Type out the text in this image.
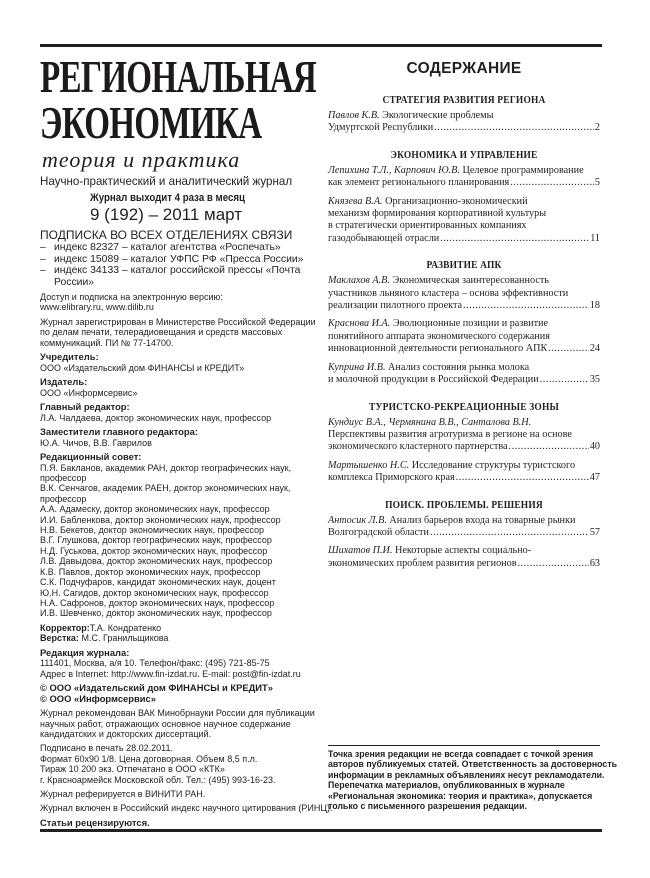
РЕГИОНАЛЬНАЯ
ЭКОНОМИКА
теория и практика
Научно-практический и аналитический журнал
Журнал выходит 4 раза в месяц
9 (192) – 2011 март
ПОДПИСКА ВО ВСЕХ ОТДЕЛЕНИЯХ СВЯЗИ
– индекс 82327 – каталог агентства «Роспечать»
– индекс 15089 – каталог УФПС РФ «Пресса России»
– индекс 34133 – каталог российской прессы «Почта России»
Доступ и подписка на электронную версию:
www.elibrary.ru, www.dilib.ru
Журнал зарегистрирован в Министерстве Российской Федерации по делам печати, телерадиовещания и средств массовых коммуникаций. ПИ № 77-14700.
Учредитель:
ООО «Издательский дом ФИНАНСЫ и КРЕДИТ»
Издатель:
ООО «Информсервис»
Главный редактор:
Л.А. Чалдаева, доктор экономических наук, профессор
Заместители главного редактора:
Ю.А. Чичов, В.В. Гаврилов
Редакционный совет:
П.Я. Бакланов, академик РАН, доктор географических наук, профессор
В.К. Сенчагов, академик РАЕН, доктор экономических наук, профессор
А.А. Адамеску, доктор экономических наук, профессор
И.И. Бабленкова, доктор экономических наук, профессор
Н.В. Бекетов, доктор экономических наук, профессор
В.Г. Глушкова, доктор географических наук, профессор
Н.Д. Гуськова, доктор экономических наук, профессор
Л.В. Давыдова, доктор экономических наук, профессор
К.В. Павлов, доктор экономических наук, профессор
С.К. Подчуфаров, кандидат экономических наук, доцент
Ю.Н. Сагидов, доктор экономических наук, профессор
Н.А. Сафронов, доктор экономических наук, профессор
И.В. Шевченко, доктор экономических наук, профессор
Корректор:Т.А. Кондратенко
Верстка: М.С. Гранильщикова
Редакция журнала:
111401, Москва, а/я 10. Телефон/факс: (495) 721-85-75
Адрес в Internet: http://www.fin-izdat.ru. E-mail: post@fin-izdat.ru
© ООО «Издательский дом ФИНАНСЫ и КРЕДИТ»
© ООО «Информсервис»
Журнал рекомендован ВАК Минобрнауки России для публикации научных работ, отражающих основное научное содержание кандидатских и докторских диссертаций.
Подписано в печать 28.02.2011.
Формат 60х90 1/8. Цена договорная. Объем 8,5 п.л.
Тираж 10 200 экз. Отпечатано в ООО «КТК»
г. Красноармейск Московской обл. Тел.: (495) 993-16-23.
Журнал реферируется в ВИНИТИ РАН.
Журнал включен в Российский индекс научного цитирования (РИНЦ).
Статьи рецензируются.
СОДЕРЖАНИЕ
СТРАТЕГИЯ РАЗВИТИЯ РЕГИОНА
Павлов К.В. Экологические проблемы
Удмуртской Республики .....	2
ЭКОНОМИКА И УПРАВЛЕНИЕ
Лепихина Т.Л., Карпович Ю.В. Целевое программирование
как элемент регионального планирования .....	5
Князева В.А. Организационно-экономический
механизм формирования корпоративной культуры
в стратегически ориентированных компаниях
газодобывающей отрасли .....	11
РАЗВИТИЕ АПК
Маклахов А.В. Экономическая заинтересованность
участников льняного кластера – основа эффективности
реализации пилотного проекта .....	18
Краснова И.А. Эволюционные позиции и развитие
понятийного аппарата экономического содержания
инновационной деятельности регионального АПК .....	24
Куприна И.В. Анализ состояния рынка молока
и молочной продукции в Российской Федерации .....	35
ТУРИСТСКО-РЕКРЕАЦИОННЫЕ ЗОНЫ
Кундиус В.А., Чермянина В.В., Санталова В.Н.
Перспективы развития агротуризма в регионе на основе
экономического кластерного партнерства .....	40
Мартышенко Н.С. Исследование структуры туристского
комплекса Приморского края .....	47
ПОИСК. ПРОБЛЕМЫ. РЕШЕНИЯ
Антосик Л.В. Анализ барьеров входа на товарные рынки
Волгоградской области .....	57
Шихатов П.И. Некоторые аспекты социально-
экономических проблем развития регионов .....	63
Точка зрения редакции не всегда совпадает с точкой зрения авторов публикуемых статей. Ответственность за достоверность информации в рекламных объявлениях несут рекламодатели.
Перепечатка материалов, опубликованных в журнале «Региональная экономика: теория и практика», допускается только с письменного разрешения редакции.
